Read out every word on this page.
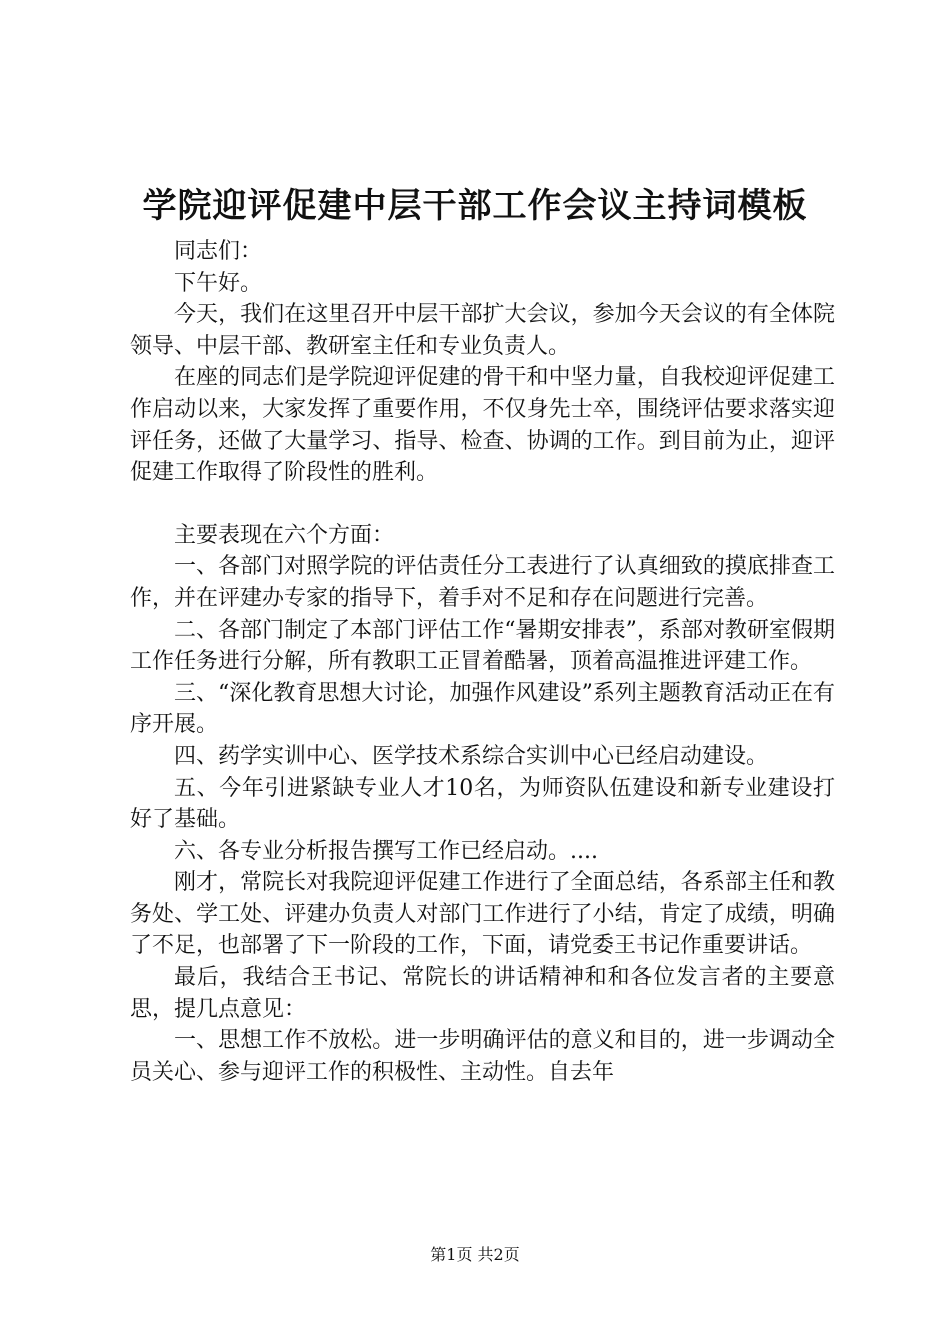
学院迎评促建中层干部工作会议主持词模板

同志们：

下午好。

今天，我们在这里召开中层干部扩大会议，参加今天会议的有全体院领导、中层干部、教研室主任和专业负责人。

在座的同志们是学院迎评促建的骨干和中坚力量，自我校迎评促建工作启动以来，大家发挥了重要作用，不仅身先士卒，围绕评估要求落实迎评任务，还做了大量学习、指导、检查、协调的工作。到目前为止，迎评促建工作取得了阶段性的胜利。

主要表现在六个方面：

一、各部门对照学院的评估责任分工表进行了认真细致的摸底排查工作，并在评建办专家的指导下，着手对不足和存在问题进行完善。

二、各部门制定了本部门评估工作“暑期安排表”，系部对教研室假期工作任务进行分解，所有教职工正冒着酷暑，顶着高温推进评建工作。

三、“深化教育思想大讨论，加强作风建设”系列主题教育活动正在有序开展。

四、药学实训中心、医学技术系综合实训中心已经启动建设。

五、今年引进紧缺专业人才10名，为师资队伍建设和新专业建设打好了基础。

六、各专业分析报告撰写工作已经启动。....

刚才，常院长对我院迎评促建工作进行了全面总结，各系部主任和教务处、学工处、评建办负责人对部门工作进行了小结，肯定了成绩，明确了不足，也部署了下一阶段的工作，下面，请党委王书记作重要讲话。

最后，我结合王书记、常院长的讲话精神和和各位发言者的主要意思，提几点意见：

一、思想工作不放松。进一步明确评估的意义和目的，进一步调动全员关心、参与迎评工作的积极性、主动性。自去年

第1页 共2页
